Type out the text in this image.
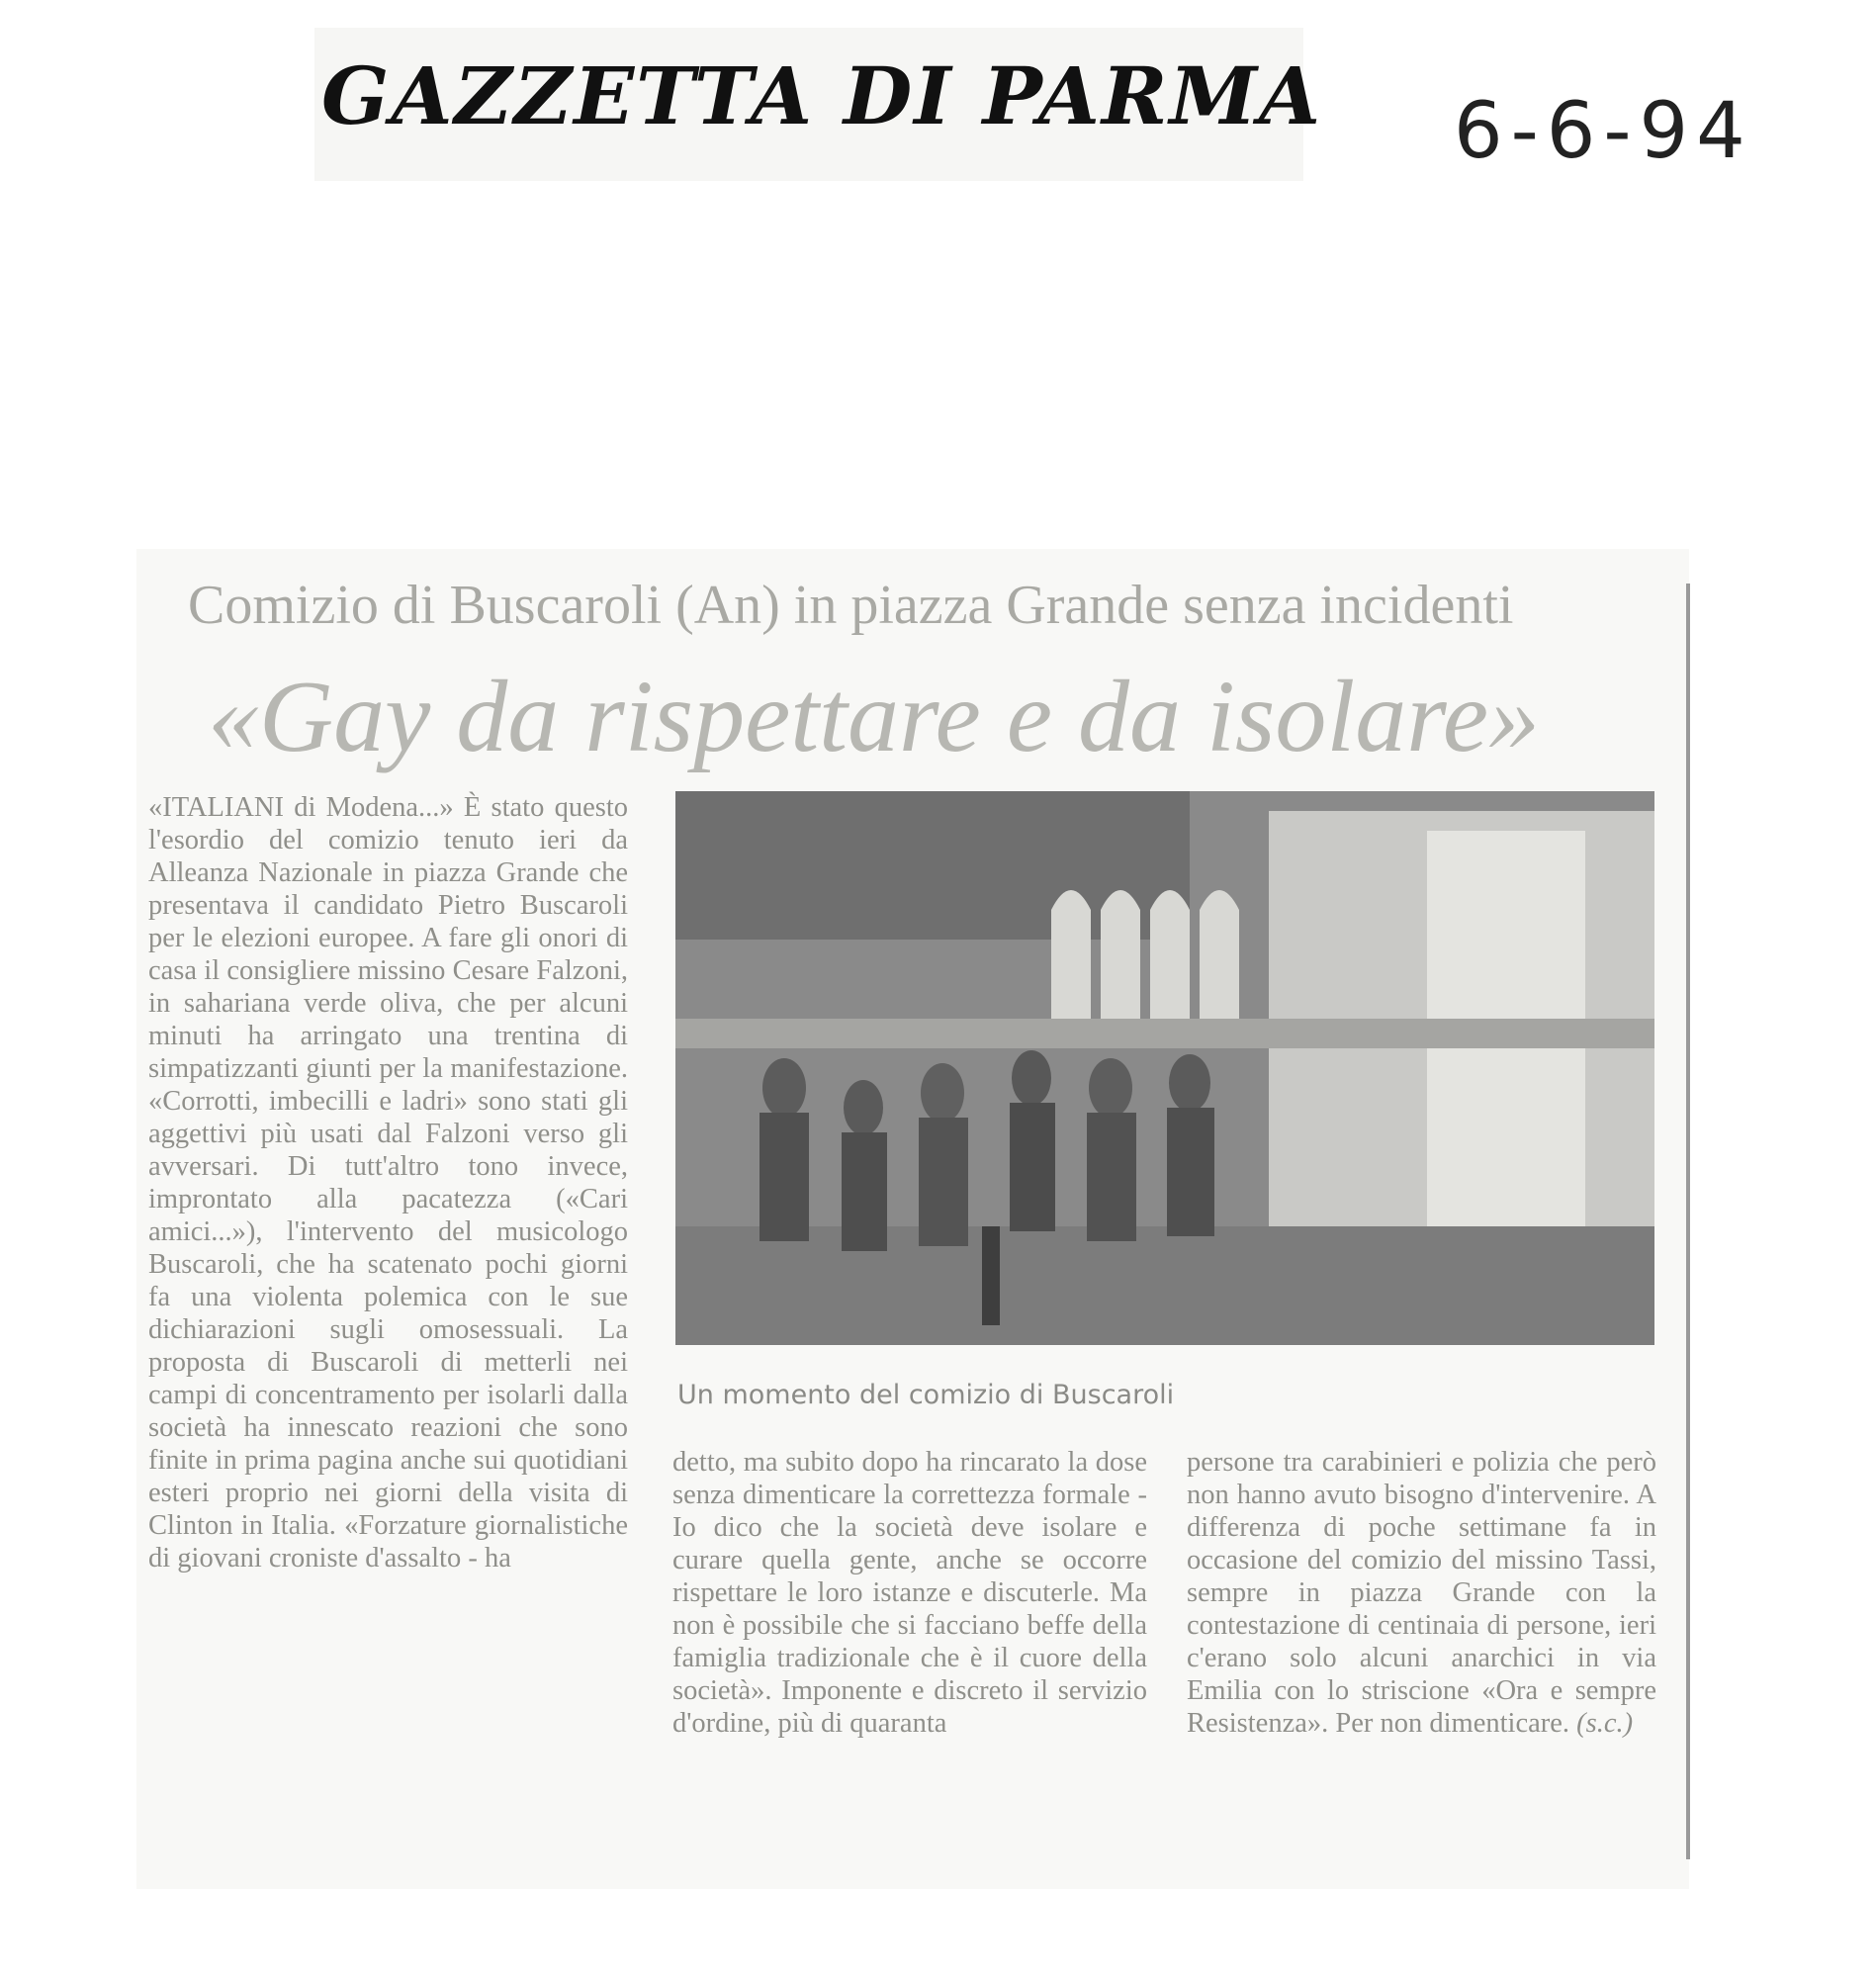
GAZZETTA DI PARMA 6-6-94
Comizio di Buscaroli (An) in piazza Grande senza incidenti
«Gay da rispettare e da isolare»
«ITALIANI di Modena...» È stato questo l'esordio del comizio tenuto ieri da Alleanza Nazionale in piazza Grande che presentava il candidato Pietro Buscaroli per le elezioni europee. A fare gli onori di casa il consigliere missino Cesare Falzoni, in sahariana verde oliva, che per alcuni minuti ha arringato una trentina di simpatizzanti giunti per la manifestazione. «Corrotti, imbecilli e ladri» sono stati gli aggettivi più usati dal Falzoni verso gli avversari. Di tutt'altro tono invece, improntato alla pacatezza («Cari amici...»), l'intervento del musicologo Buscaroli, che ha scatenato pochi giorni fa una violenta polemica con le sue dichiarazioni sugli omosessuali. La proposta di Buscaroli di metterli nei campi di concentramento per isolarli dalla società ha innescato reazioni che sono finite in prima pagina anche sui quotidiani esteri proprio nei giorni della visita di Clinton in Italia. «Forzature giornalistiche di giovani croniste d'assalto - ha
Un momento del comizio di Buscaroli
detto, ma subito dopo ha rincarato la dose senza dimenticare la correttezza formale - Io dico che la società deve isolare e curare quella gente, anche se occorre rispettare le loro istanze e discuterle. Ma non è possibile che si facciano beffe della famiglia tradizionale che è il cuore della società». Imponente e discreto il servizio d'ordine, più di quaranta
persone tra carabinieri e polizia che però non hanno avuto bisogno d'intervenire. A differenza di poche settimane fa in occasione del comizio del missino Tassi, sempre in piazza Grande con la contestazione di centinaia di persone, ieri c'erano solo alcuni anarchici in via Emilia con lo striscione «Ora e sempre Resistenza». Per non dimenticare. (s.c.)
